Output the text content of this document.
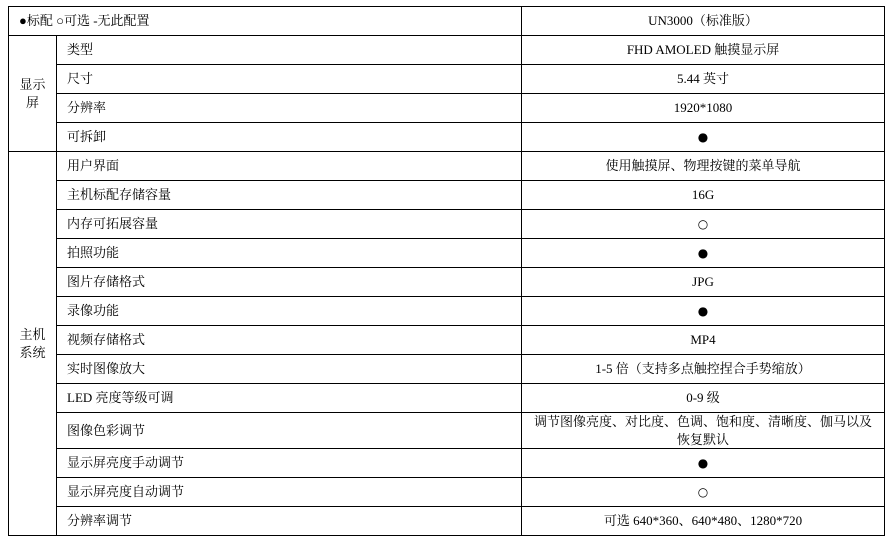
●标配 ○可选 -无此配置		UN3000（标准版）

显示
屏	类型	FHD AMOLED 触摸显示屏
	尺寸	5.44 英寸
	分辨率	1920*1080
	可拆卸	●

主机
系统	用户界面	使用触摸屏、物理按键的菜单导航
	主机标配存储容量	16G
	内存可拓展容量	○
	拍照功能	●
	图片存储格式	JPG
	录像功能	●
	视频存储格式	MP4
	实时图像放大	1-5 倍（支持多点触控捏合手势缩放）
	LED 亮度等级可调	0-9 级
	图像色彩调节	调节图像亮度、对比度、色调、饱和度、清晰度、伽马以及恢复默认
	显示屏亮度手动调节	●
	显示屏亮度自动调节	○
	分辨率调节	可选 640*360、640*480、1280*720
